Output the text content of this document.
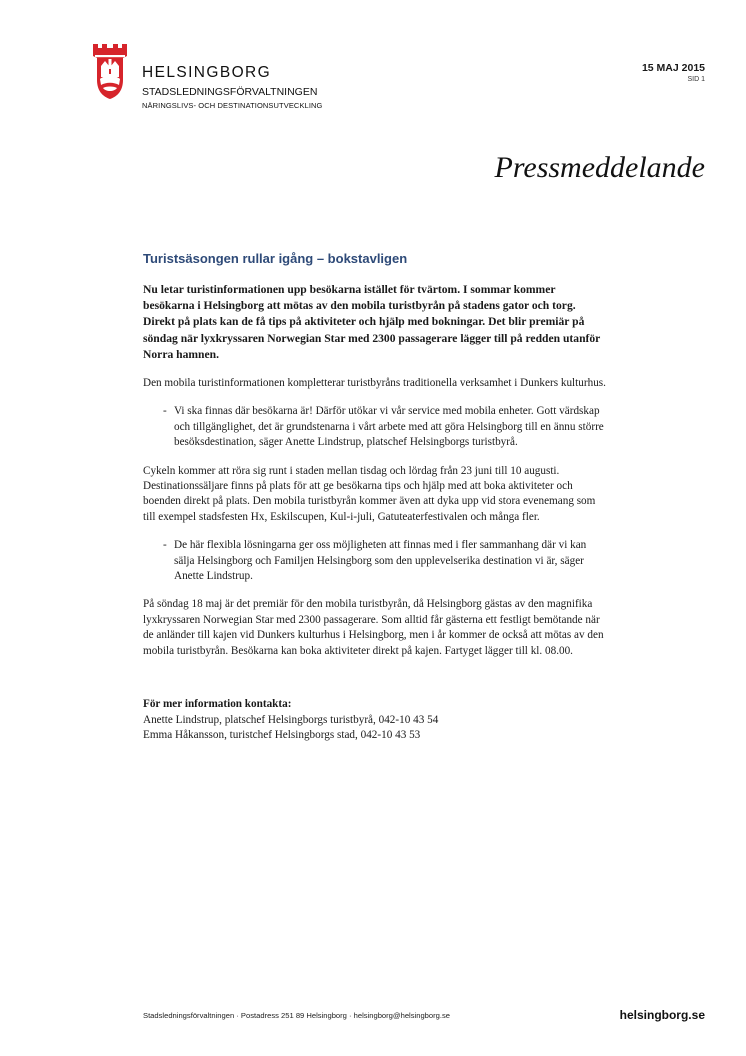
HELSINGBORG
STADSLEDNINGSFÖRVALTNINGEN
NÄRINGSLIVS- OCH DESTINATIONSUTVECKLING
15 MAJ 2015
SID 1
Pressmeddelande
Turistsäsongen rullar igång – bokstavligen

Nu letar turistinformationen upp besökarna istället för tvärtom. I sommar kommer besökarna i Helsingborg att mötas av den mobila turistbyrån på stadens gator och torg. Direkt på plats kan de få tips på aktiviteter och hjälp med bokningar. Det blir premiär på söndag när lyxkryssaren Norwegian Star med 2300 passagerare lägger till på redden utanför Norra hamnen.

Den mobila turistinformationen kompletterar turistbyråns traditionella verksamhet i Dunkers kulturhus.

- Vi ska finnas där besökarna är! Därför utökar vi vår service med mobila enheter. Gott värdskap och tillgänglighet, det är grundstenarna i vårt arbete med att göra Helsingborg till en ännu större besöksdestination, säger Anette Lindstrup, platschef Helsingborgs turistbyrå.

Cykeln kommer att röra sig runt i staden mellan tisdag och lördag från 23 juni till 10 augusti. Destinationssäljare finns på plats för att ge besökarna tips och hjälp med att boka aktiviteter och boenden direkt på plats. Den mobila turistbyrån kommer även att dyka upp vid stora evenemang som till exempel stadsfesten Hx, Eskilscupen, Kul-i-juli, Gatuteaterfestivalen och många fler.

- De här flexibla lösningarna ger oss möjligheten att finnas med i fler sammanhang där vi kan sälja Helsingborg och Familjen Helsingborg som den upplevelserika destination vi är, säger Anette Lindstrup.

På söndag 18 maj är det premiär för den mobila turistbyrån, då Helsingborg gästas av den magnifika lyxkryssaren Norwegian Star med 2300 passagerare. Som alltid får gästerna ett festligt bemötande när de anländer till kajen vid Dunkers kulturhus i Helsingborg, men i år kommer de också att mötas av den mobila turistbyrån. Besökarna kan boka aktiviteter direkt på kajen. Fartyget lägger till kl. 08.00.

För mer information kontakta:

Anette Lindstrup, platschef Helsingborgs turistbyrå, 042-10 43 54

Emma Håkansson, turistchef Helsingborgs stad, 042-10 43 53

Stadsledningsförvaltningen · Postadress 251 89 Helsingborg · helsingborg@helsingborg.se	helsingborg.se
